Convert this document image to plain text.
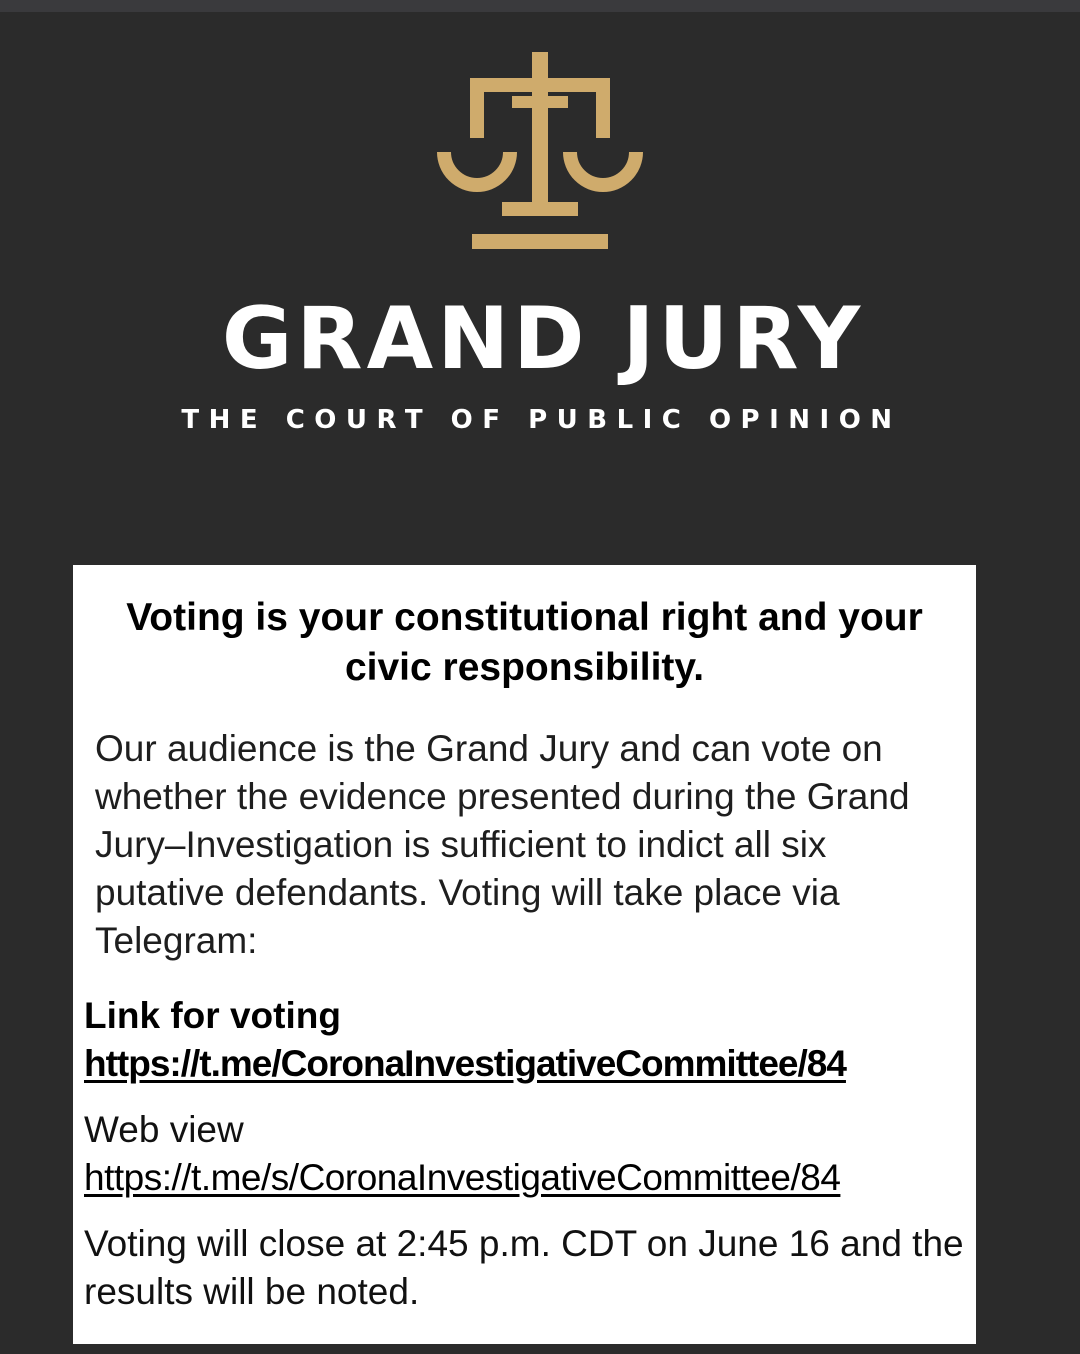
GRAND JURY
THE COURT OF PUBLIC OPINION
Voting is your constitutional right and your civic responsibility.

Our audience is the Grand Jury and can vote on whether the evidence presented during the Grand Jury–Investigation is sufficient to indict all six putative defendants. Voting will take place via Telegram:

Link for voting
https://t.me/CoronaInvestigativeCommittee/84
Web view
https://t.me/s/CoronaInvestigativeCommittee/84
Voting will close at 2:45 p.m. CDT on June 16 and the results will be noted.
